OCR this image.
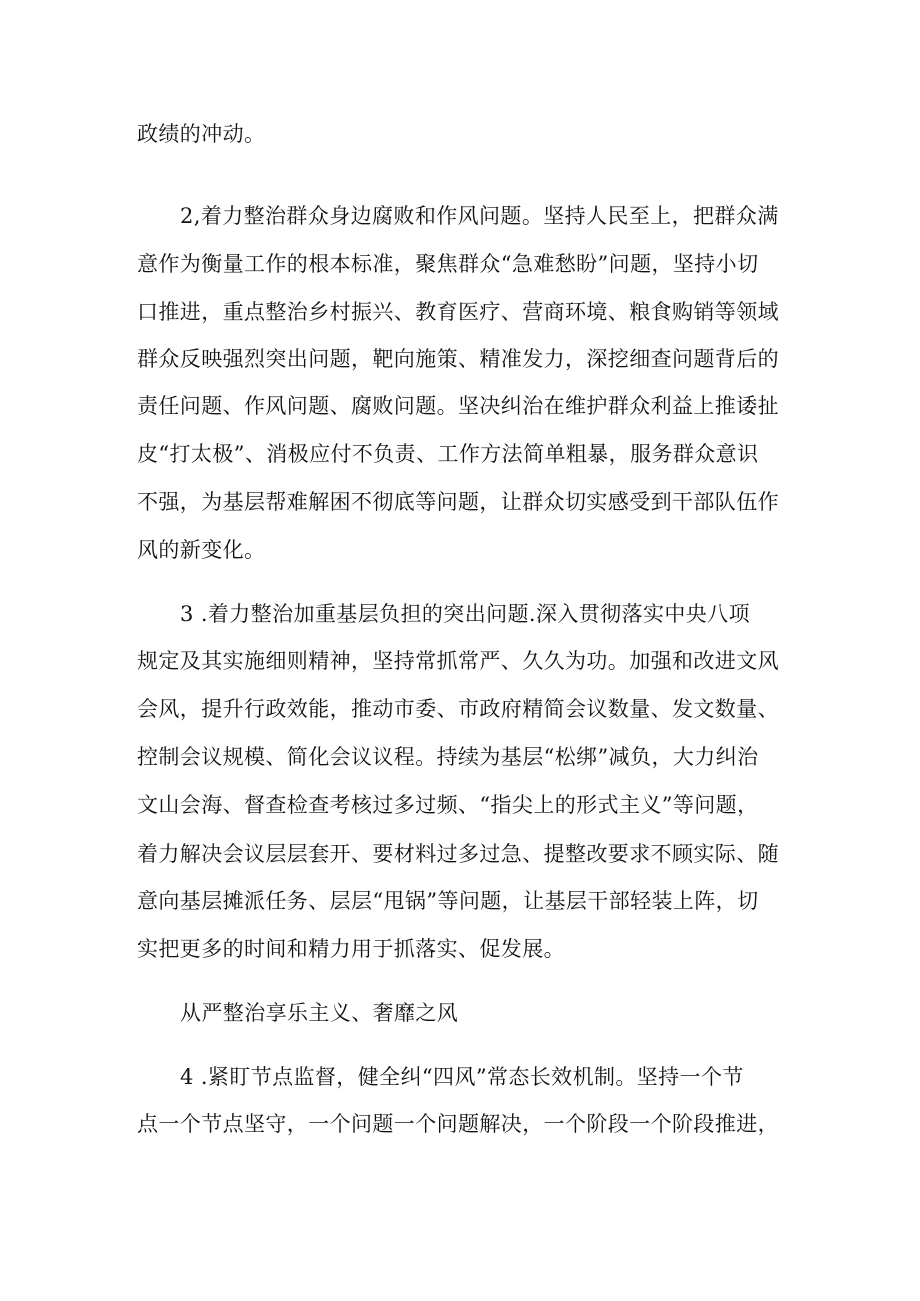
政绩的冲动。
2,着力整治群众身边腐败和作风问题。坚持人民至上，把群众满
意作为衡量工作的根本标准，聚焦群众“急难愁盼”问题，坚持小切
口推进，重点整治乡村振兴、教育医疗、营商环境、粮食购销等领域
群众反映强烈突出问题，靶向施策、精准发力，深挖细查问题背后的
责任问题、作风问题、腐败问题。坚决纠治在维护群众利益上推诿扯
皮“打太极”、消极应付不负责、工作方法简单粗暴，服务群众意识
不强，为基层帮难解困不彻底等问题，让群众切实感受到干部队伍作
风的新变化。
3 .着力整治加重基层负担的突出问题.深入贯彻落实中央八项
规定及其实施细则精神，坚持常抓常严、久久为功。加强和改进文风
会风，提升行政效能，推动市委、市政府精简会议数量、发文数量、
控制会议规模、简化会议议程。持续为基层“松绑”减负，大力纠治
文山会海、督查检查考核过多过频、“指尖上的形式主义”等问题，
着力解决会议层层套开、要材料过多过急、提整改要求不顾实际、随
意向基层摊派任务、层层“甩锅”等问题，让基层干部轻装上阵，切
实把更多的时间和精力用于抓落实、促发展。
从严整治享乐主义、奢靡之风
4 .紧盯节点监督，健全纠“四风”常态长效机制。坚持一个节
点一个节点坚守，一个问题一个问题解决，一个阶段一个阶段推进，
